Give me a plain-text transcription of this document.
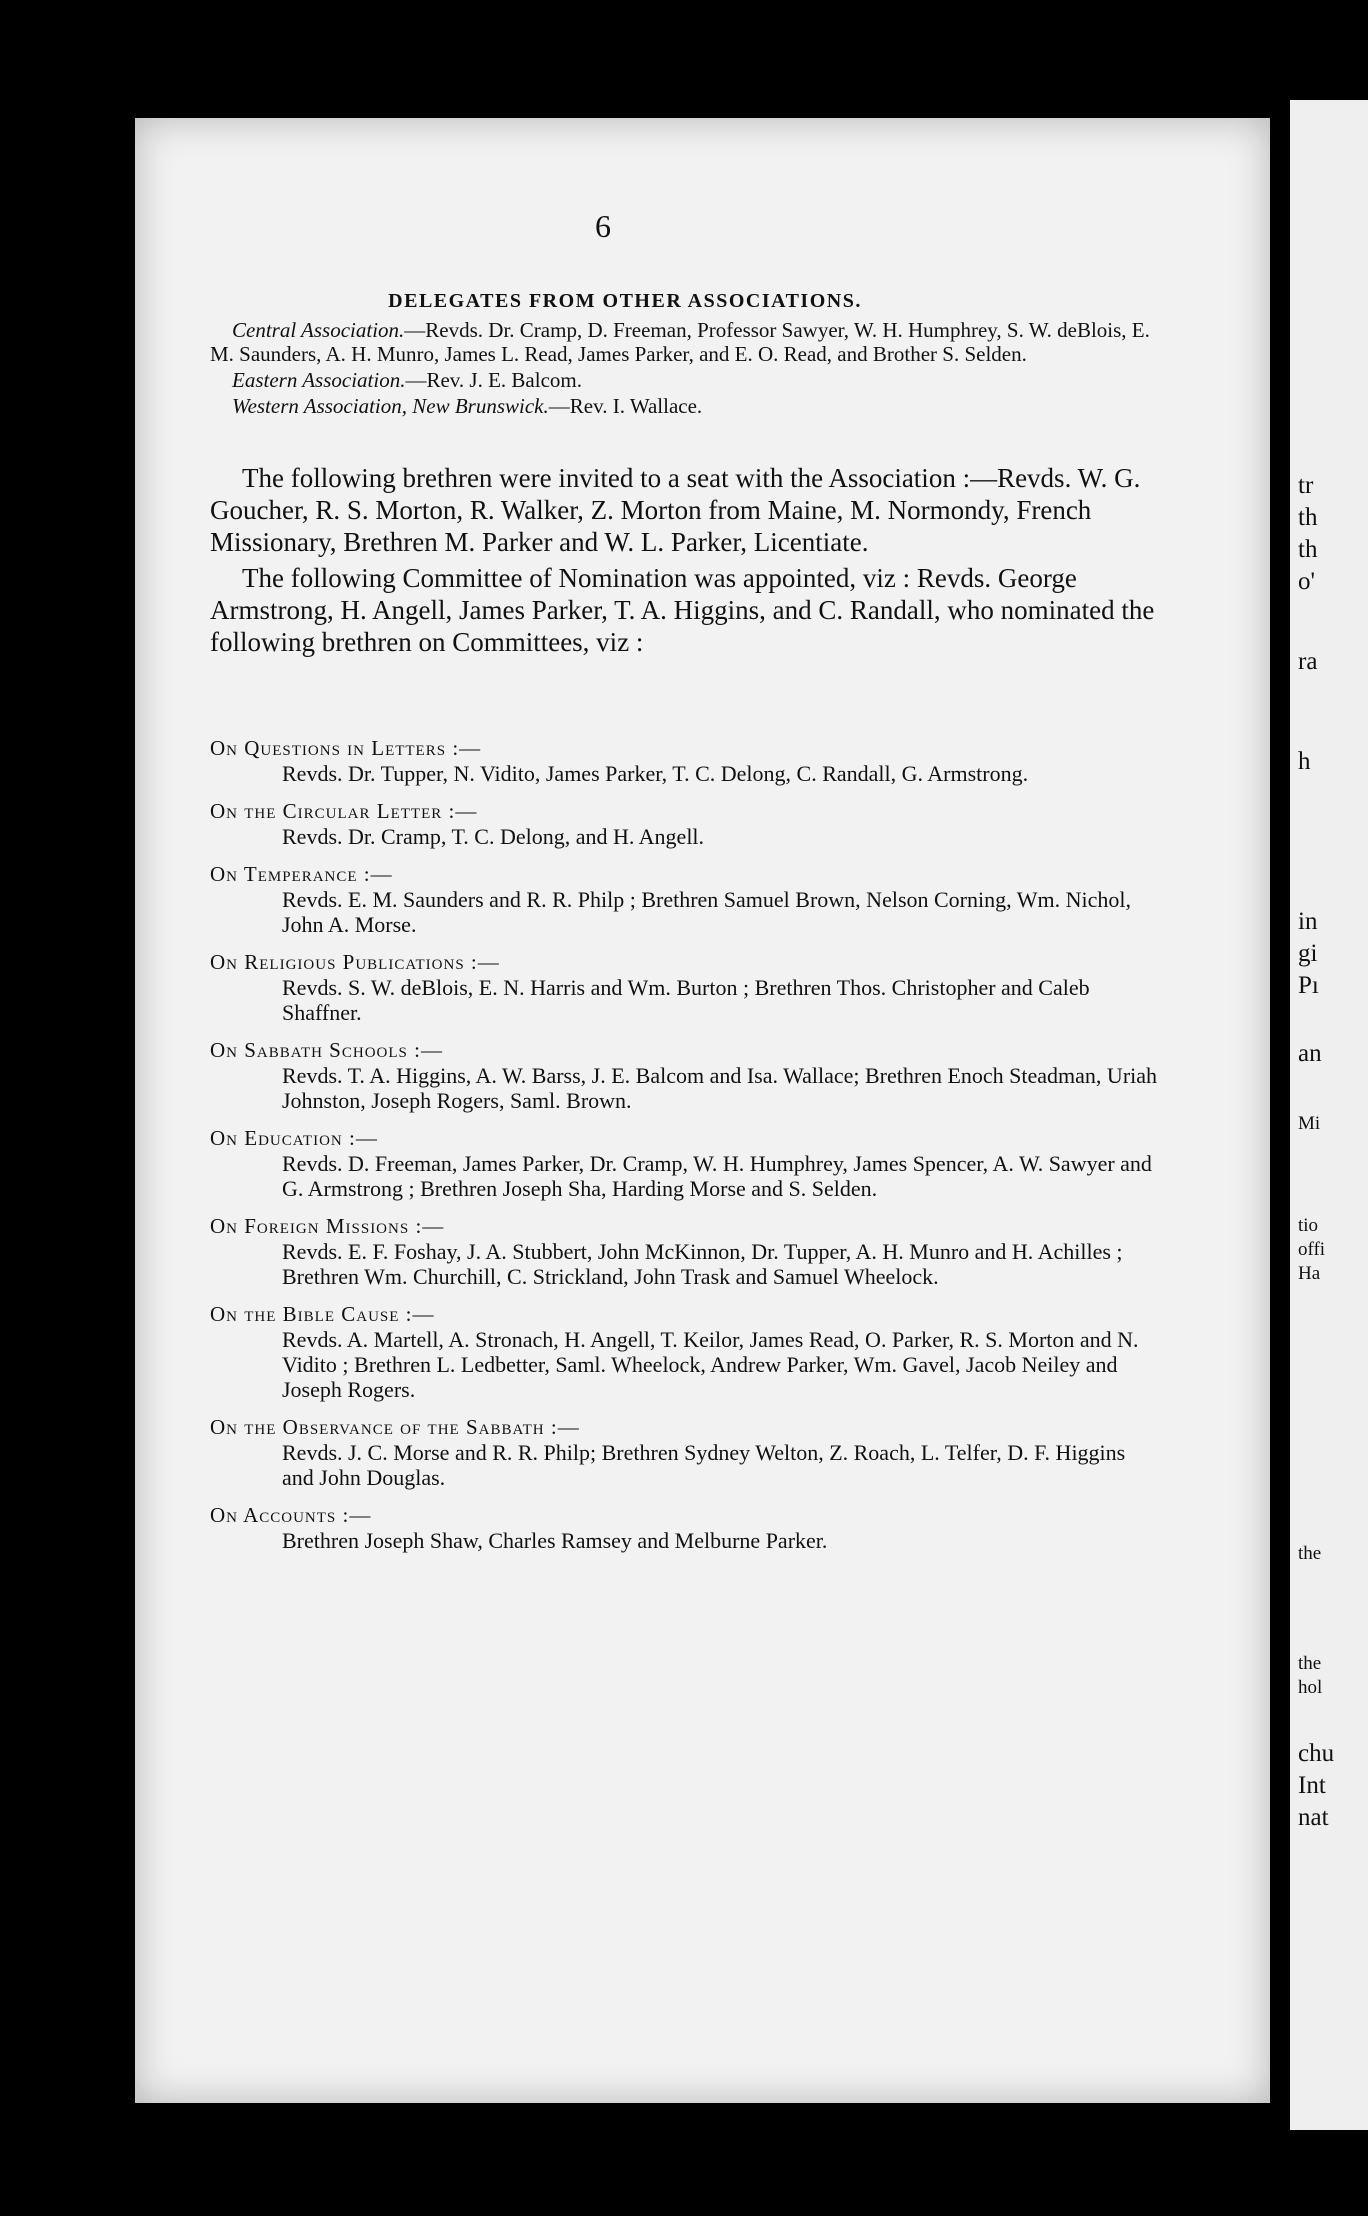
tr
th
th
o'
ra
h
in
gi
Pı
an
Mi
tio
offi
Ha
the
the
hol
chu
Int
nat
6
DELEGATES FROM OTHER ASSOCIATIONS.

Central Association.—Revds. Dr. Cramp, D. Freeman, Professor Sawyer, W. H. Humphrey, S. W. deBlois, E. M. Saunders, A. H. Munro, James L. Read, James Parker, and E. O. Read, and Brother S. Selden.

Eastern Association.—Rev. J. E. Balcom.

Western Association, New Brunswick.—Rev. I. Wallace.

The following brethren were invited to a seat with the Association :—Revds. W. G. Goucher, R. S. Morton, R. Walker, Z. Morton from Maine, M. Normondy, French Missionary, Brethren M. Parker and W. L. Parker, Licentiate.

The following Committee of Nomination was appointed, viz : Revds. George Armstrong, H. Angell, James Parker, T. A. Higgins, and C. Randall, who nominated the following brethren on Committees, viz :

On Questions in Letters :—
Revds. Dr. Tupper, N. Vidito, James Parker, T. C. Delong, C. Randall, G. Armstrong.
On the Circular Letter :—
Revds. Dr. Cramp, T. C. Delong, and H. Angell.
On Temperance :—
Revds. E. M. Saunders and R. R. Philp ; Brethren Samuel Brown, Nelson Corning, Wm. Nichol, John A. Morse.
On Religious Publications :—
Revds. S. W. deBlois, E. N. Harris and Wm. Burton ; Brethren Thos. Christopher and Caleb Shaffner.
On Sabbath Schools :—
Revds. T. A. Higgins, A. W. Barss, J. E. Balcom and Isa. Wallace; Brethren Enoch Steadman, Uriah Johnston, Joseph Rogers, Saml. Brown.
On Education :—
Revds. D. Freeman, James Parker, Dr. Cramp, W. H. Humphrey, James Spencer, A. W. Sawyer and G. Armstrong ; Brethren Joseph Sha, Harding Morse and S. Selden.
On Foreign Missions :—
Revds. E. F. Foshay, J. A. Stubbert, John McKinnon, Dr. Tupper, A. H. Munro and H. Achilles ; Brethren Wm. Churchill, C. Strickland, John Trask and Samuel Wheelock.
On the Bible Cause :—
Revds. A. Martell, A. Stronach, H. Angell, T. Keilor, James Read, O. Parker, R. S. Morton and N. Vidito ; Brethren L. Ledbetter, Saml. Wheelock, Andrew Parker, Wm. Gavel, Jacob Neiley and Joseph Rogers.
On the Observance of the Sabbath :—
Revds. J. C. Morse and R. R. Philp; Brethren Sydney Welton, Z. Roach, L. Telfer, D. F. Higgins and John Douglas.
On Accounts :—
Brethren Joseph Shaw, Charles Ramsey and Melburne Parker.
